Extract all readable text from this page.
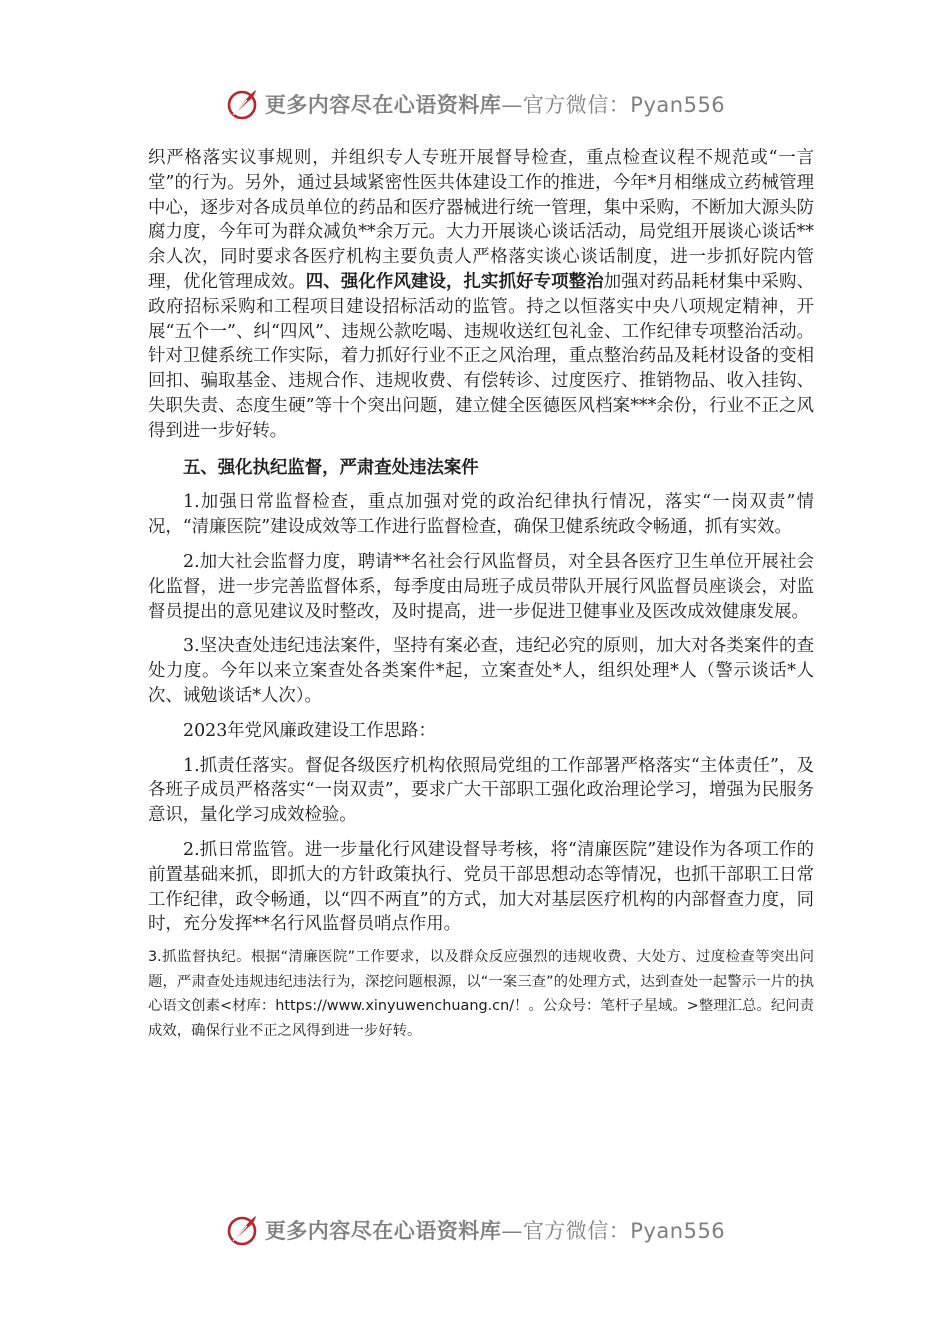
更多内容尽在心语资料库—官方微信：Pyan556

织严格落实议事规则，并组织专人专班开展督导检查，重点检查议程不规范或“一言堂”的行为。另外，通过县域紧密性医共体建设工作的推进，今年*月相继成立药械管理中心，逐步对各成员单位的药品和医疗器械进行统一管理，集中采购，不断加大源头防腐力度，今年可为群众减负**余万元。大力开展谈心谈话活动，局党组开展谈心谈话**余人次，同时要求各医疗机构主要负责人严格落实谈心谈话制度，进一步抓好院内管理，优化管理成效。四、强化作风建设，扎实抓好专项整治加强对药品耗材集中采购、政府招标采购和工程项目建设招标活动的监管。持之以恒落实中央八项规定精神，开展“五个一”、纠“四风”、违规公款吃喝、违规收送红包礼金、工作纪律专项整治活动。针对卫健系统工作实际，着力抓好行业不正之风治理，重点整治药品及耗材设备的变相回扣、骗取基金、违规合作、违规收费、有偿转诊、过度医疗、推销物品、收入挂钩、失职失责、态度生硬”等十个突出问题，建立健全医德医风档案***余份，行业不正之风得到进一步好转。

五、强化执纪监督，严肃查处违法案件

1.加强日常监督检查，重点加强对党的政治纪律执行情况，落实“一岗双责”情况，“清廉医院”建设成效等工作进行监督检查，确保卫健系统政令畅通，抓有实效。

2.加大社会监督力度，聘请**名社会行风监督员，对全县各医疗卫生单位开展社会化监督，进一步完善监督体系，每季度由局班子成员带队开展行风监督员座谈会，对监督员提出的意见建议及时整改，及时提高，进一步促进卫健事业及医改成效健康发展。

3.坚决查处违纪违法案件，坚持有案必查，违纪必究的原则，加大对各类案件的查处力度。今年以来立案查处各类案件*起，立案查处*人，组织处理*人（警示谈话*人次、诫勉谈话*人次）。

2023年党风廉政建设工作思路：

1.抓责任落实。督促各级医疗机构依照局党组的工作部署严格落实“主体责任”，及各班子成员严格落实“一岗双责”，要求广大干部职工强化政治理论学习，增强为民服务意识，量化学习成效检验。

2.抓日常监管。进一步量化行风建设督导考核，将“清廉医院”建设作为各项工作的前置基础来抓，即抓大的方针政策执行、党员干部思想动态等情况，也抓干部职工日常工作纪律，政令畅通，以“四不两直”的方式，加大对基层医疗机构的内部督查力度，同时，充分发挥**名行风监督员哨点作用。

3.抓监督执纪。根据“清廉医院”工作要求，以及群众反应强烈的违规收费、大处方、过度检查等突出问题，严肃查处违规违纪违法行为，深挖问题根源，以“一案三查”的处理方式，达到查处一起警示一片的执心语文创素<材库：https://www.xinyuwenchuang.cn/！。公众号：笔杆子星域。>整理汇总。纪问责成效，确保行业不正之风得到进一步好转。

更多内容尽在心语资料库—官方微信：Pyan556
